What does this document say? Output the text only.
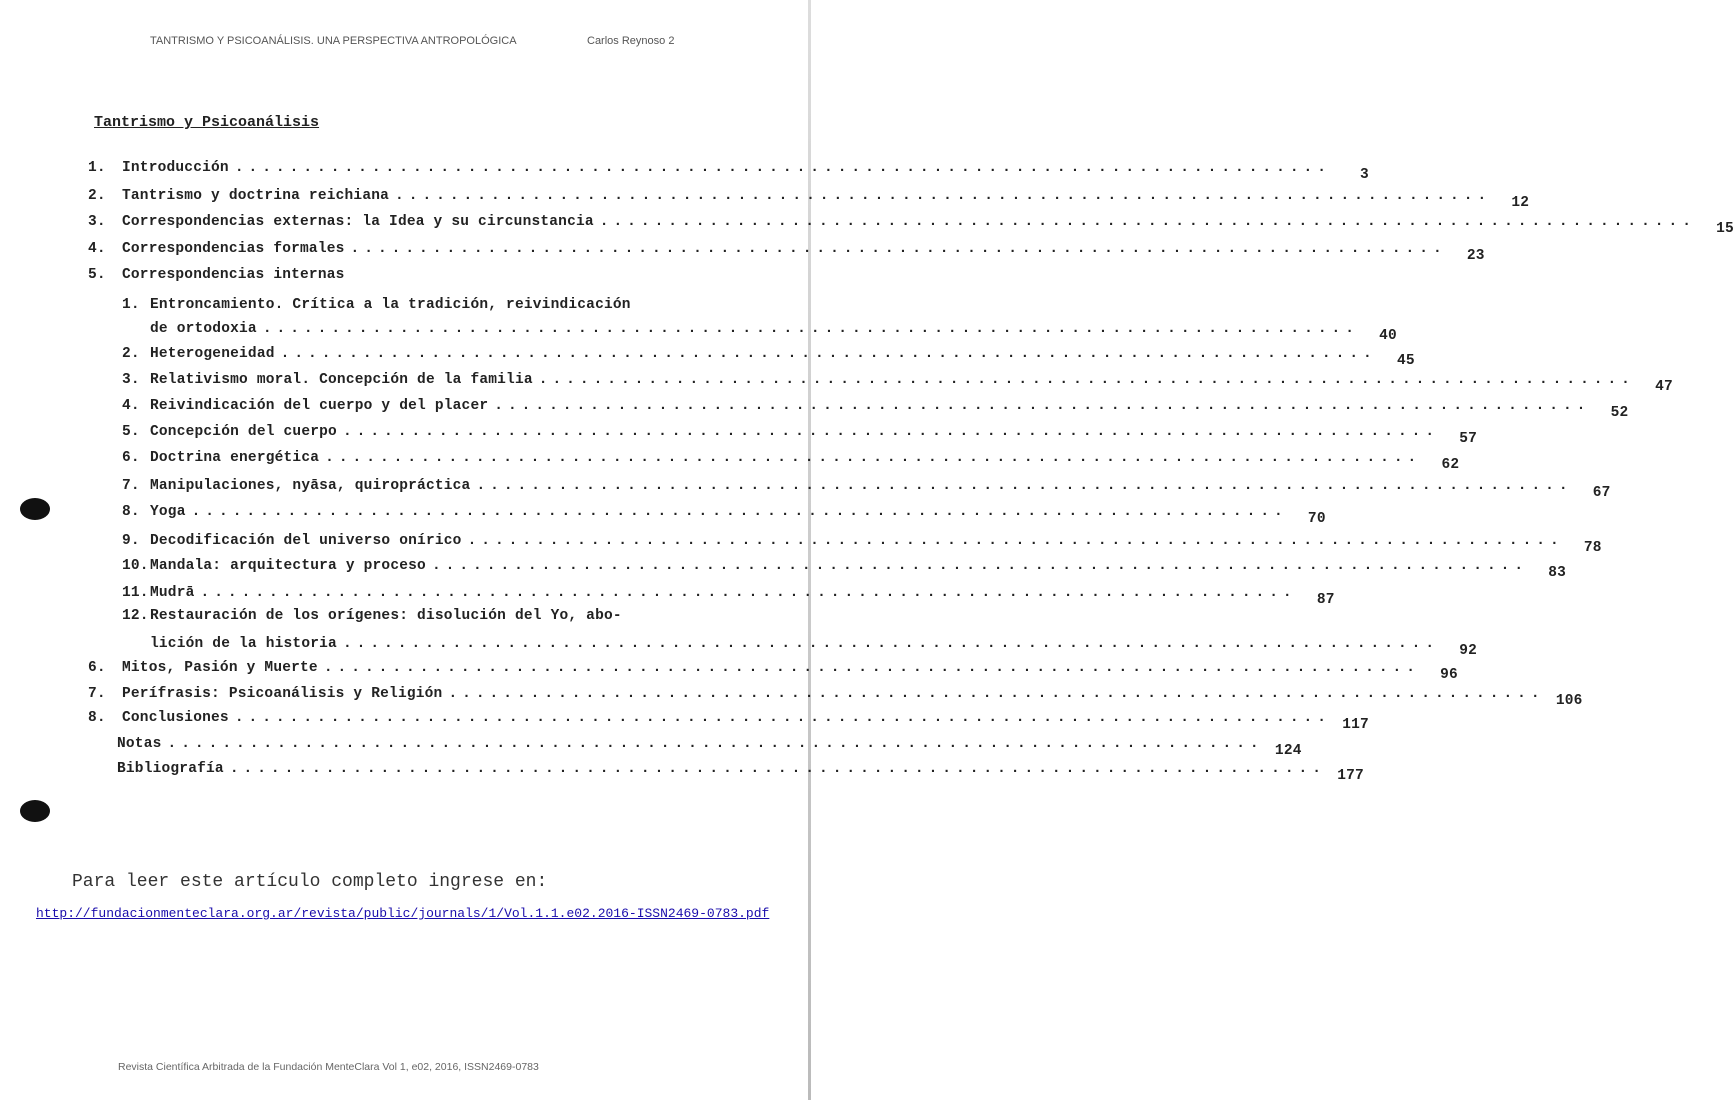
TANTRISMO Y PSICOANÁLISIS. UNA PERSPECTIVA ANTROPOLÓGICA	Carlos Reynoso 2
Tantrismo y Psicoanálisis
1.	Introducción ................................................................................	3
2.	Tantrismo y doctrina reichiana ................................................................................	12
3.	Correspondencias externas: la Idea y su circunstancia ................................................................................	15
4.	Correspondencias formales ................................................................................	23
5.	Correspondencias internas
1. Entroncamiento. Crítica a la tradición, reivindicación
de ortodoxia ................................................................................	40
2. Heterogeneidad ................................................................................	45
3. Relativismo moral. Concepción de la familia ................................................................................	47
4. Reivindicación del cuerpo y del placer ................................................................................	52
5. Concepción del cuerpo ................................................................................	57
6. Doctrina energética ................................................................................	62
7. Manipulaciones, nyāsa, quiropráctica ................................................................................	67
8. Yoga ................................................................................	70
9. Decodificación del universo onírico ................................................................................	78
10. Mandala: arquitectura y proceso ................................................................................	83
11. Mudrā ................................................................................	87
12. Restauración de los orígenes: disolución del Yo, abo-
lición de la historia ................................................................................	92
6.	Mitos, Pasión y Muerte ................................................................................	96
7.	Perífrasis: Psicoanálisis y Religión ................................................................................ 106
8.	Conclusiones ................................................................................ 117
Notas ................................................................................ 124
Bibliografía ................................................................................ 177
Para leer este artículo completo ingrese en:
http://fundacionmenteclara.org.ar/revista/public/journals/1/Vol.1.1.e02.2016-ISSN2469-0783.pdf
Revista Científica Arbitrada de la Fundación MenteClara Vol 1, e02, 2016, ISSN2469-0783
